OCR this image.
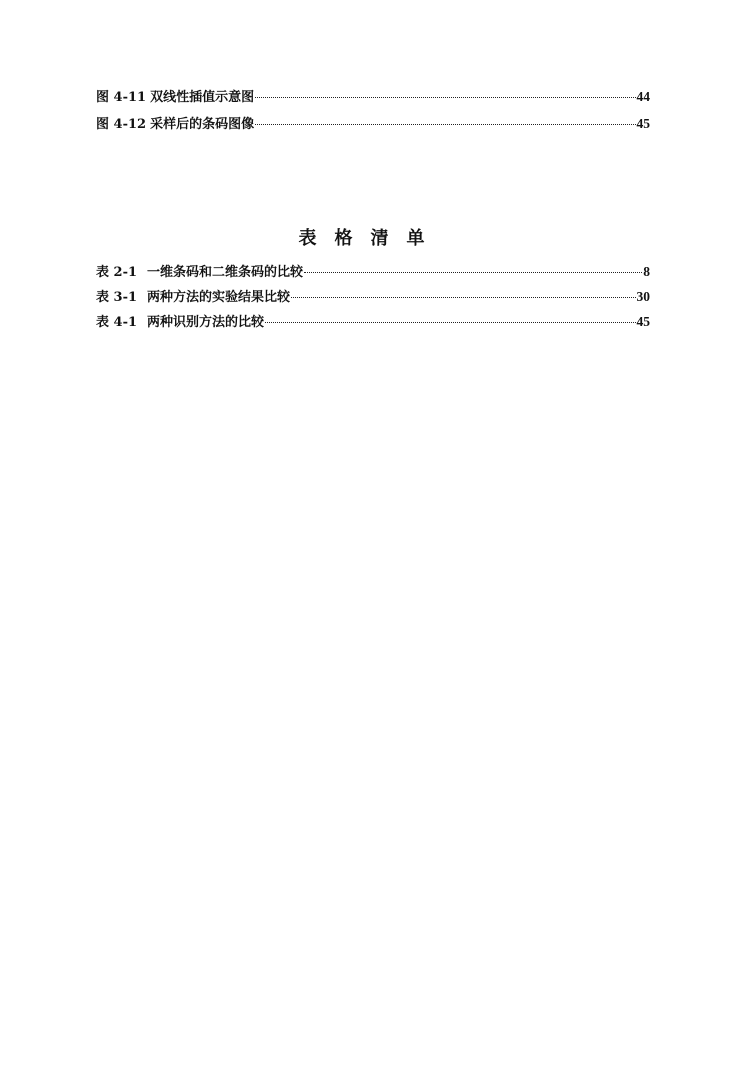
图 4-11 双线性插值示意图	44
图 4-12 采样后的条码图像	45
表格清单
表 2-1 一维条码和二维条码的比较	8
表 3-1 两种方法的实验结果比较	30
表 4-1 两种识别方法的比较	45
